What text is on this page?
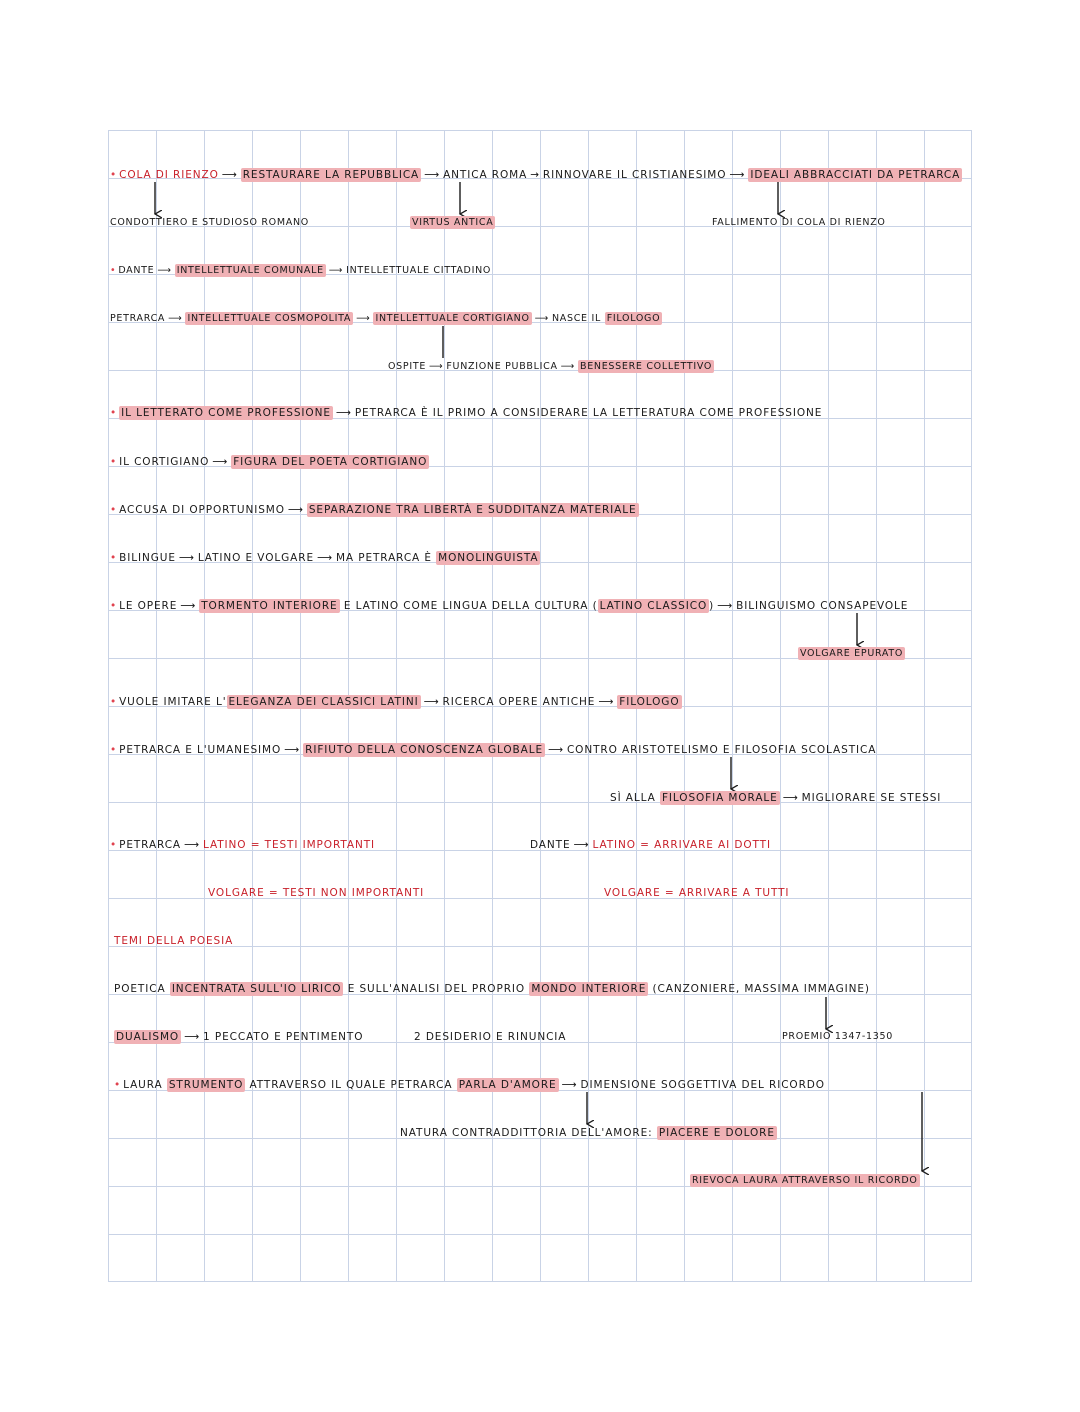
• COLA DI RIENZO ⟶ RESTAURARE LA REPUBBLICA ⟶ ANTICA ROMA → RINNOVARE IL CRISTIANESIMO ⟶ IDEALI ABBRACCIATI DA PETRARCA
CONDOTTIERO E STUDIOSO ROMANO	VIRTUS ANTICA	FALLIMENTO DI COLA DI RIENZO
• DANTE ⟶ INTELLETTUALE COMUNALE ⟶ INTELLETTUALE CITTADINO
PETRARCA ⟶ INTELLETTUALE COSMOPOLITA ⟶ INTELLETTUALE CORTIGIANO ⟶ NASCE IL FILOLOGO
OSPITE ⟶ FUNZIONE PUBBLICA ⟶ BENESSERE COLLETTIVO
• IL LETTERATO COME PROFESSIONE ⟶ PETRARCA È IL PRIMO A CONSIDERARE LA LETTERATURA COME PROFESSIONE
• IL CORTIGIANO ⟶ FIGURA DEL POETA CORTIGIANO
• ACCUSA DI OPPORTUNISMO ⟶ SEPARAZIONE TRA LIBERTÀ E SUDDITANZA MATERIALE
• BILINGUE ⟶ LATINO E VOLGARE ⟶ MA PETRARCA È MONOLINGUISTA
• LE OPERE ⟶ TORMENTO INTERIORE E LATINO COME LINGUA DELLA CULTURA ( LATINO CLASSICO ) ⟶ BILINGUISMO CONSAPEVOLE
VOLGARE EPURATO
• VUOLE IMITARE L' ELEGANZA DEI CLASSICI LATINI ⟶ RICERCA OPERE ANTICHE ⟶ FILOLOGO
• PETRARCA E L'UMANESIMO ⟶ RIFIUTO DELLA CONOSCENZA GLOBALE ⟶ CONTRO ARISTOTELISMO E FILOSOFIA SCOLASTICA
SÌ ALLA FILOSOFIA MORALE ⟶ MIGLIORARE SE STESSI
• PETRARCA ⟶ LATINO = TESTI IMPORTANTI
VOLGARE = TESTI NON IMPORTANTI
DANTE ⟶ LATINO = ARRIVARE AI DOTTI
VOLGARE = ARRIVARE A TUTTI
TEMI DELLA POESIA
POETICA INCENTRATA SULL'IO LIRICO E SULL'ANALISI DEL PROPRIO MONDO INTERIORE (CANZONIERE, MASSIMA IMMAGINE)
PROEMIO 1347-1350
DUALISMO ⟶ 1 PECCATO E PENTIMENTO	2 DESIDERIO E RINUNCIA
• LAURA STRUMENTO ATTRAVERSO IL QUALE PETRARCA PARLA D'AMORE ⟶ DIMENSIONE SOGGETTIVA DEL RICORDO
NATURA CONTRADDITTORIA DELL'AMORE: PIACERE E DOLORE
RIEVOCA LAURA ATTRAVERSO IL RICORDO
